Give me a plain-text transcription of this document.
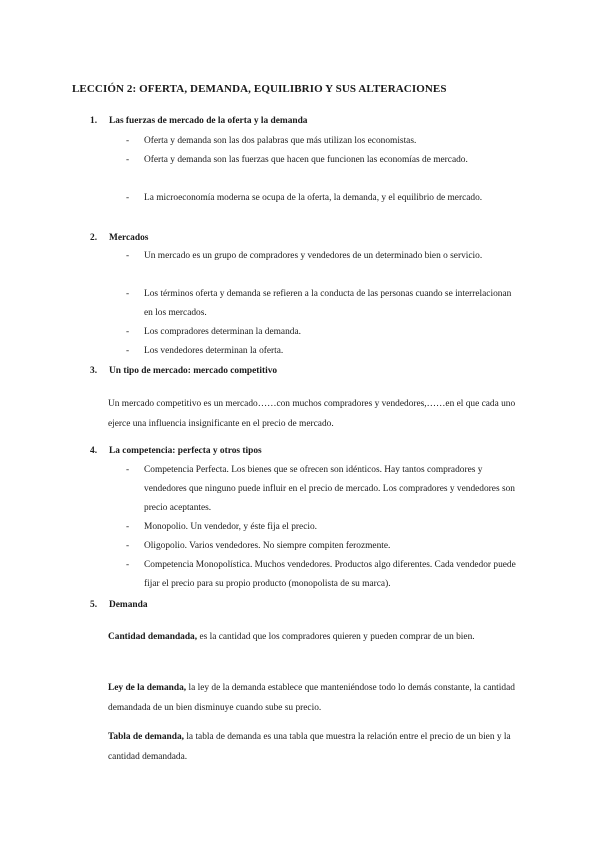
LECCIÓN 2: OFERTA, DEMANDA, EQUILIBRIO Y SUS ALTERACIONES
1. Las fuerzas de mercado de la oferta y la demanda
- Oferta y demanda son las dos palabras que más utilizan los economistas.
- Oferta y demanda son las fuerzas que hacen que funcionen las economías de mercado.
- La microeconomía moderna se ocupa de la oferta, la demanda, y el equilibrio de mercado.
2. Mercados
- Un mercado es un grupo de compradores y vendedores de un determinado bien o servicio.
- Los términos oferta y demanda se refieren a la conducta de las personas cuando se interrelacionan en los mercados.
- Los compradores determinan la demanda.
- Los vendedores determinan la oferta.
3. Un tipo de mercado: mercado competitivo
Un mercado competitivo es un mercado……con muchos compradores y vendedores,……en el que cada uno ejerce una influencia insignificante en el precio de mercado.
4. La competencia: perfecta y otros tipos
- Competencia Perfecta. Los bienes que se ofrecen son idénticos. Hay tantos compradores y vendedores que ninguno puede influir en el precio de mercado. Los compradores y vendedores son precio aceptantes.
- Monopolio. Un vendedor, y éste fija el precio.
- Oligopolio. Varios vendedores. No siempre compiten ferozmente.
- Competencia Monopolística. Muchos vendedores. Productos algo diferentes. Cada vendedor puede fijar el precio para su propio producto (monopolista de su marca).
5. Demanda
Cantidad demandada, es la cantidad que los compradores quieren y pueden comprar de un bien.
Ley de la demanda, la ley de la demanda establece que manteniéndose todo lo demás constante, la cantidad demandada de un bien disminuye cuando sube su precio.
Tabla de demanda, la tabla de demanda es una tabla que muestra la relación entre el precio de un bien y la cantidad demandada.
